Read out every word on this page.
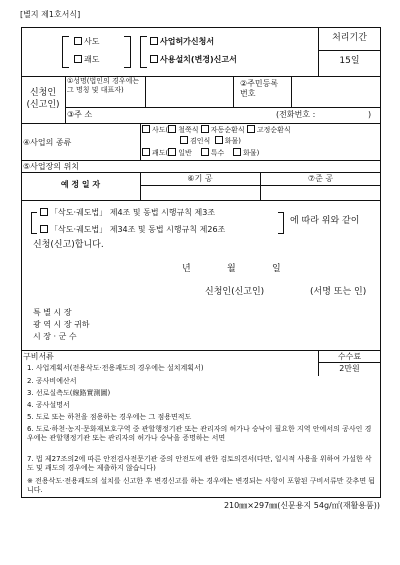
[별지 제1호서식]
사도
괘도
사업허가신청서
사용설치(변경)신고서
처리기간
15일
신청인
(신고인)
①성명(법인의 경우에는 그 명칭 및 대표자)
②주민등록번호
③주 소	(전화번호 :	)
④사업의 종류
사도( 철쭉식 자동순환식 고정순환식
겸인식 화물)
괘도( 일반	특수	화물)
⑤사업장의 위치
예 정 일 자
⑥기 공	⑦준 공
「삭도·궤도법」 제4조 및 동법 시행규칙 제3조
「삭도·궤도법」 제34조 및 동법 시행규칙 제26조
에 따라 위와 같이
신청(신고)합니다.
년	월	일
신청인(신고인)	(서명 또는 인)
특 별 시 장
광 역 시 장 귀하
시 장 · 군 수
구비서류	수수료
2만원
1. 사업계획서(전용삭도·전용괘도의 경우에는 설치계획서)
2. 공사비예산서
3. 선로실측도(線路實測圖)
4. 공사설명서
5. 도로 또는 하천을 점용하는 경우에는 그 점용면적도
6. 도로·하천·농지·문화재보호구역 중 관할행정기관 또는 관리자의 허가나 승낙이 필요한 지역 안에서의 공사인 경우에는 관할행정기관 또는 관리자의 허가나 승낙을 증명하는 서면
7. 법 제27조의2에 따른 안전검사전문기관 중의 안전도에 관한 검토의견서(다만, 일시적 사용을 위하여 가설한 삭도 및 괘도의 경우에는 제출하지 않습니다)
※ 전용삭도·전용괘도의 설치를 신고한 후 변경신고를 하는 경우에는 변경되는 사항이 포함된 구비서류만 갖추면 됩니다.
210㎜×297㎜(신문용지 54g/㎡(재활용품))
